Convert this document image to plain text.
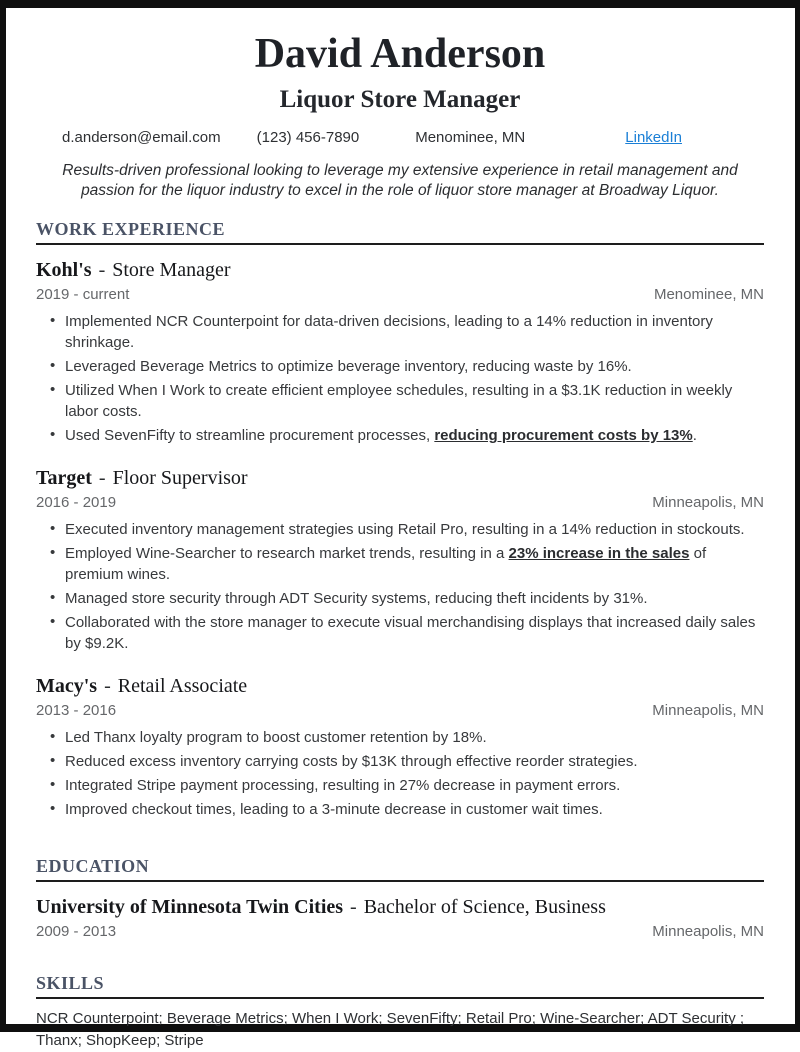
David Anderson
Liquor Store Manager
d.anderson@email.com (123) 456-7890	Menominee, MN	LinkedIn

Results-driven professional looking to leverage my extensive experience in retail management and passion for the liquor industry to excel in the role of liquor store manager at Broadway Liquor.

WORK EXPERIENCE
Kohl's - Store Manager
2019 - current	Menominee, MN
• Implemented NCR Counterpoint for data-driven decisions, leading to a 14% reduction in inventory shrinkage.
• Leveraged Beverage Metrics to optimize beverage inventory, reducing waste by 16%.
• Utilized When I Work to create efficient employee schedules, resulting in a $3.1K reduction in weekly labor costs.
• Used SevenFifty to streamline procurement processes, reducing procurement costs by 13%.
Target - Floor Supervisor
2016 - 2019	Minneapolis, MN
• Executed inventory management strategies using Retail Pro, resulting in a 14% reduction in stockouts.
• Employed Wine-Searcher to research market trends, resulting in a 23% increase in the sales of premium wines.
• Managed store security through ADT Security systems, reducing theft incidents by 31%.
• Collaborated with the store manager to execute visual merchandising displays that increased daily sales by $9.2K.
Macy's - Retail Associate
2013 - 2016	Minneapolis, MN
• Led Thanx loyalty program to boost customer retention by 18%.
• Reduced excess inventory carrying costs by $13K through effective reorder strategies.
• Integrated Stripe payment processing, resulting in 27% decrease in payment errors.
• Improved checkout times, leading to a 3-minute decrease in customer wait times.
EDUCATION
University of Minnesota Twin Cities - Bachelor of Science, Business
2009 - 2013	Minneapolis, MN
SKILLS

NCR Counterpoint; Beverage Metrics; When I Work; SevenFifty; Retail Pro; Wine-Searcher; ADT Security ; Thanx; ShopKeep; Stripe
